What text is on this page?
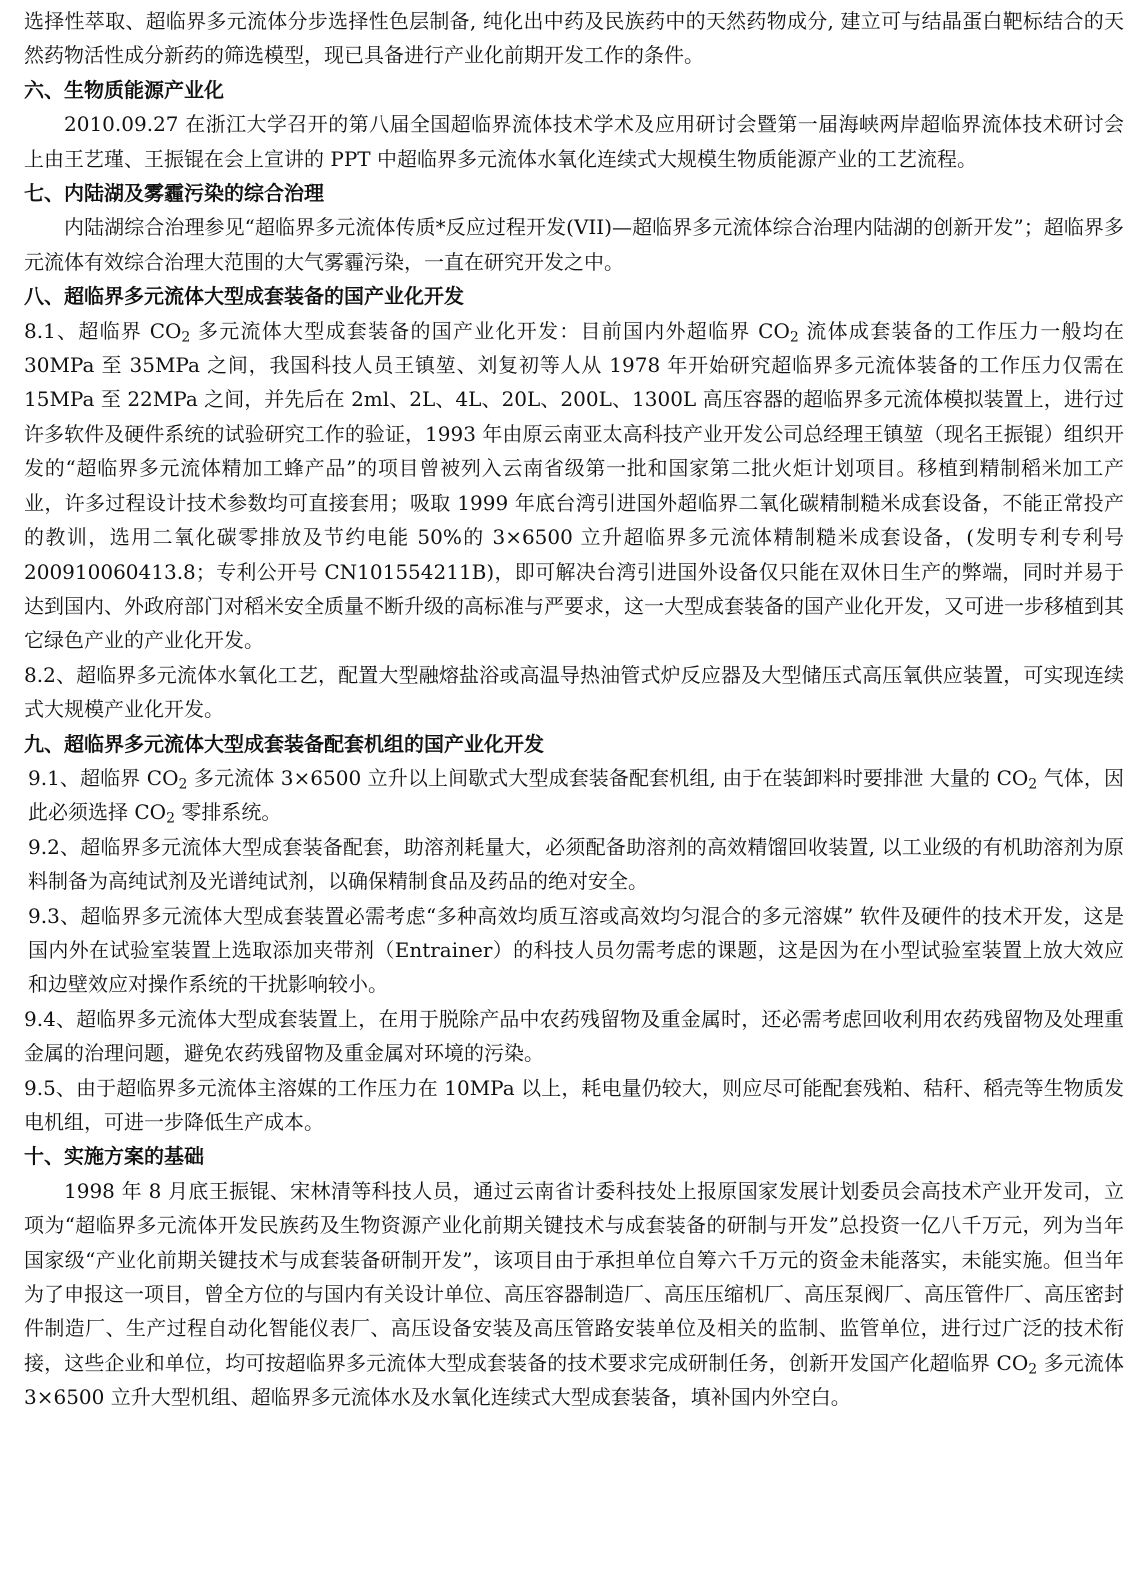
选择性萃取、超临界多元流体分步选择性色层制备, 纯化出中药及民族药中的天然药物成分, 建立可与结晶蛋白靶标结合的天然药物活性成分新药的筛选模型，现已具备进行产业化前期开发工作的条件。

六、生物质能源产业化

2010.09.27 在浙江大学召开的第八届全国超临界流体技术学术及应用研讨会暨第一届海峡两岸超临界流体技术研讨会上由王艺瑾、王振锟在会上宣讲的 PPT 中超临界多元流体水氧化连续式大规模生物质能源产业的工艺流程。

七、内陆湖及雾霾污染的综合治理

内陆湖综合治理参见“超临界多元流体传质*反应过程开发(VII)—超临界多元流体综合治理内陆湖的创新开发”；超临界多元流体有效综合治理大范围的大气雾霾污染，一直在研究开发之中。

八、超临界多元流体大型成套装备的国产业化开发

8.1、超临界 $CO_2$ 多元流体大型成套装备的国产业化开发：目前国内外超临界 $CO_2$ 流体成套装备的工作压力一般均在 30MPa 至 35MPa 之间，我国科技人员王镇堃、刘复初等人从 1978 年开始研究超临界多元流体装备的工作压力仅需在 15MPa 至 22MPa 之间，并先后在 2ml、2L、4L、20L、200L、1300L 高压容器的超临界多元流体模拟装置上，进行过许多软件及硬件系统的试验研究工作的验证，1993 年由原云南亚太高科技产业开发公司总经理王镇堃（现名王振锟）组织开发的“超临界多元流体精加工蜂产品”的项目曾被列入云南省级第一批和国家第二批火炬计划项目。移植到精制稻米加工产业，许多过程设计技术参数均可直接套用；吸取 1999 年底台湾引进国外超临界二氧化碳精制糙米成套设备，不能正常投产的教训，选用二氧化碳零排放及节约电能 50%的 3×6500 立升超临界多元流体精制糙米成套设备，(发明专利专利号 200910060413.8；专利公开号 CN101554211B)，即可解决台湾引进国外设备仅只能在双休日生产的弊端，同时并易于达到国内、外政府部门对稻米安全质量不断升级的高标准与严要求，这一大型成套装备的国产业化开发，又可进一步移植到其它绿色产业的产业化开发。

8.2、超临界多元流体水氧化工艺，配置大型融熔盐浴或高温导热油管式炉反应器及大型储压式高压氧供应装置，可实现连续式大规模产业化开发。

九、超临界多元流体大型成套装备配套机组的国产业化开发

9.1、超临界 $CO_2$ 多元流体 3×6500 立升以上间歇式大型成套装备配套机组, 由于在装卸料时要排泄 大量的 $CO_2$ 气体，因此必须选择 $CO_2$ 零排系统。

9.2、超临界多元流体大型成套装备配套，助溶剂耗量大，必须配备助溶剂的高效精馏回收装置, 以工业级的有机助溶剂为原料制备为高纯试剂及光谱纯试剂，以确保精制食品及药品的绝对安全。

9.3、超临界多元流体大型成套装置必需考虑“多种高效均质互溶或高效均匀混合的多元溶媒” 软件及硬件的技术开发，这是国内外在试验室装置上选取添加夹带剂（Entrainer）的科技人员勿需考虑的课题，这是因为在小型试验室装置上放大效应和边壁效应对操作系统的干扰影响较小。

9.4、超临界多元流体大型成套装置上，在用于脱除产品中农药残留物及重金属时，还必需考虑回收利用农药残留物及处理重金属的治理问题，避免农药残留物及重金属对环境的污染。

9.5、由于超临界多元流体主溶媒的工作压力在 10MPa 以上，耗电量仍较大，则应尽可能配套残粕、秸秆、稻壳等生物质发电机组，可进一步降低生产成本。

十、实施方案的基础

1998 年 8 月底王振锟、宋林清等科技人员，通过云南省计委科技处上报原国家发展计划委员会高技术产业开发司，立项为“超临界多元流体开发民族药及生物资源产业化前期关键技术与成套装备的研制与开发”总投资一亿八千万元，列为当年国家级“产业化前期关键技术与成套装备研制开发”，该项目由于承担单位自筹六千万元的资金未能落实，未能实施。但当年为了申报这一项目，曾全方位的与国内有关设计单位、高压容器制造厂、高压压缩机厂、高压泵阀厂、高压管件厂、高压密封件制造厂、生产过程自动化智能仪表厂、高压设备安装及高压管路安装单位及相关的监制、监管单位，进行过广泛的技术衔接，这些企业和单位，均可按超临界多元流体大型成套装备的技术要求完成研制任务，创新开发国产化超临界 $CO_2$ 多元流体 3×6500 立升大型机组、超临界多元流体水及水氧化连续式大型成套装备，填补国内外空白。
